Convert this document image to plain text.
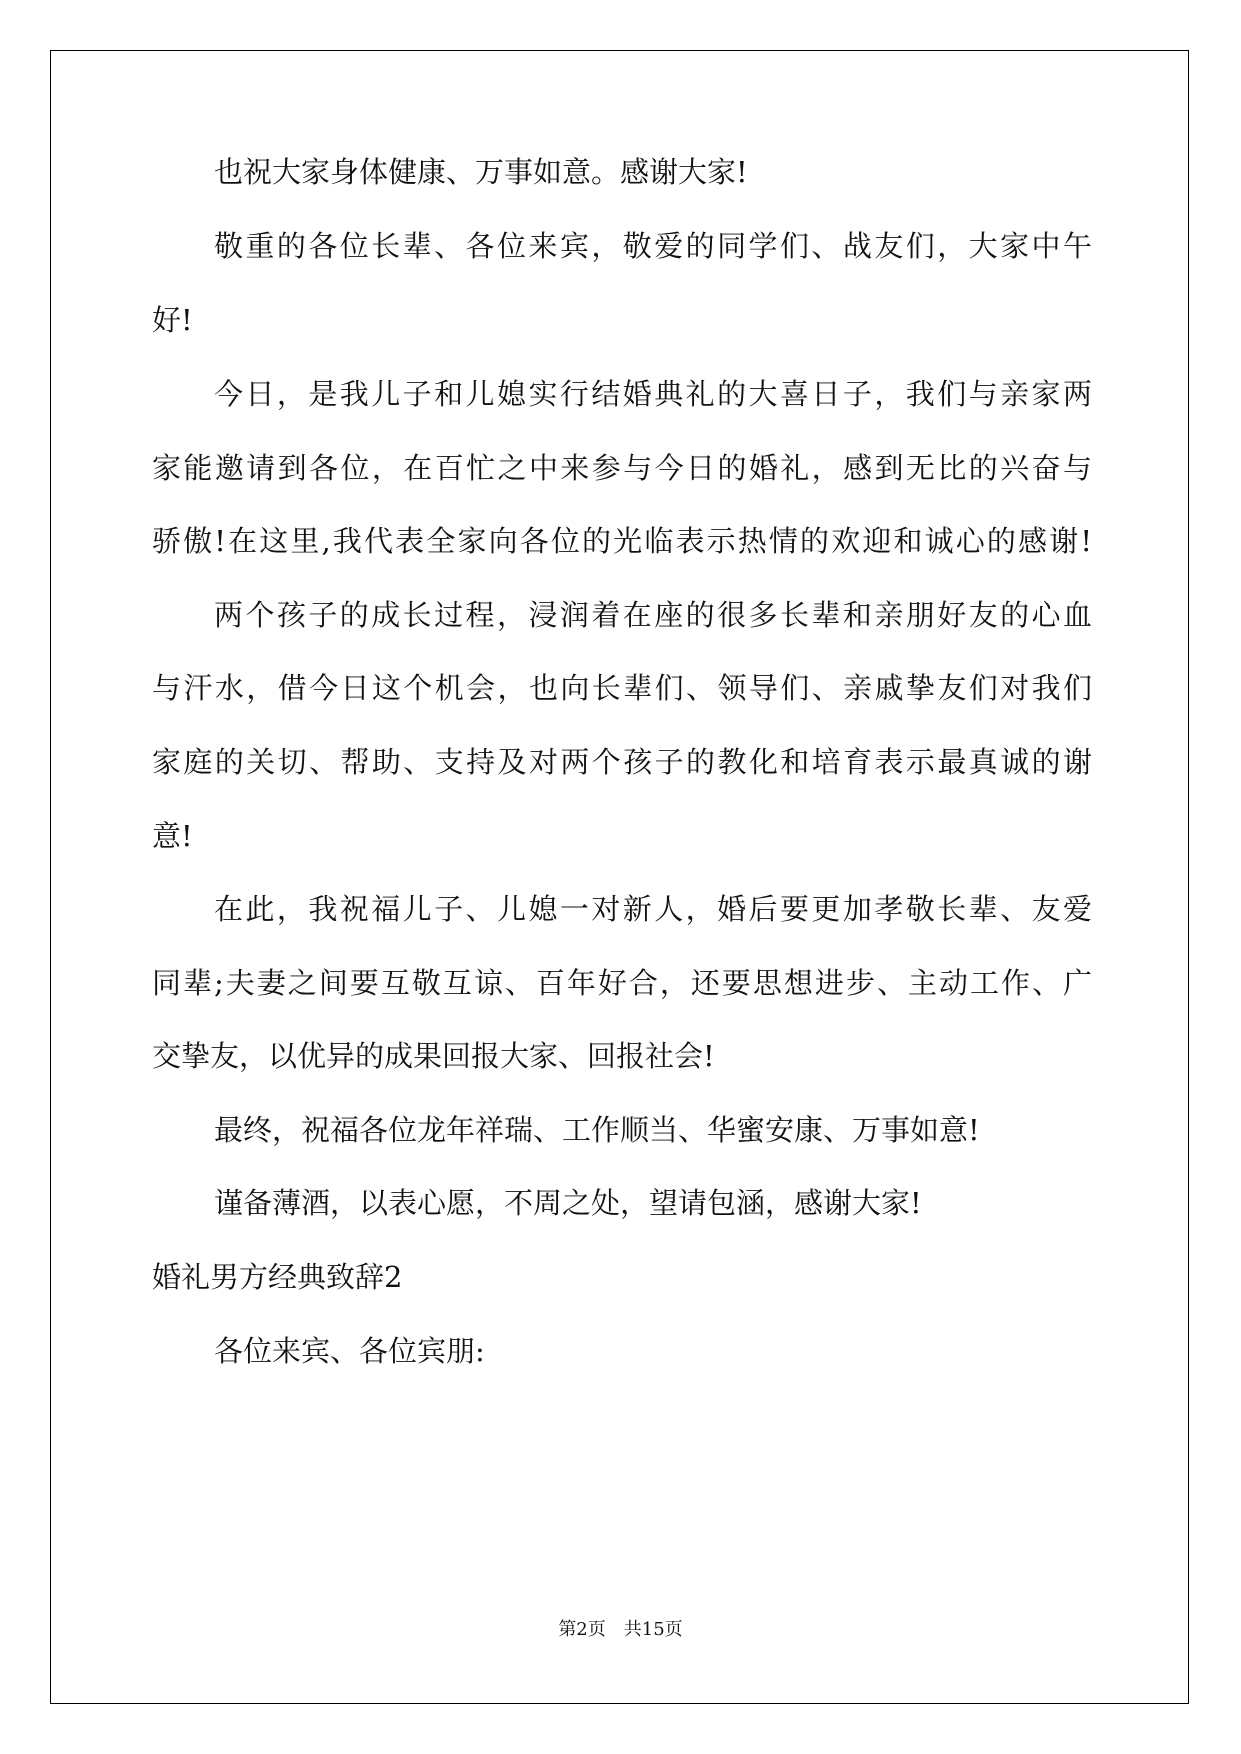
也祝大家身体健康、万事如意。感谢大家!
敬重的各位长辈、各位来宾，敬爱的同学们、战友们，大家中午
好!
今日，是我儿子和儿媳实行结婚典礼的大喜日子，我们与亲家两
家能邀请到各位，在百忙之中来参与今日的婚礼，感到无比的兴奋与
骄傲!在这里,我代表全家向各位的光临表示热情的欢迎和诚心的感谢!
两个孩子的成长过程，浸润着在座的很多长辈和亲朋好友的心血
与汗水，借今日这个机会，也向长辈们、领导们、亲戚挚友们对我们
家庭的关切、帮助、支持及对两个孩子的教化和培育表示最真诚的谢
意!
在此，我祝福儿子、儿媳一对新人，婚后要更加孝敬长辈、友爱
同辈;夫妻之间要互敬互谅、百年好合，还要思想进步、主动工作、广
交挚友，以优异的成果回报大家、回报社会!
最终，祝福各位龙年祥瑞、工作顺当、华蜜安康、万事如意!
谨备薄酒，以表心愿，不周之处，望请包涵，感谢大家!
婚礼男方经典致辞2
各位来宾、各位宾朋:
第2页 共15页
